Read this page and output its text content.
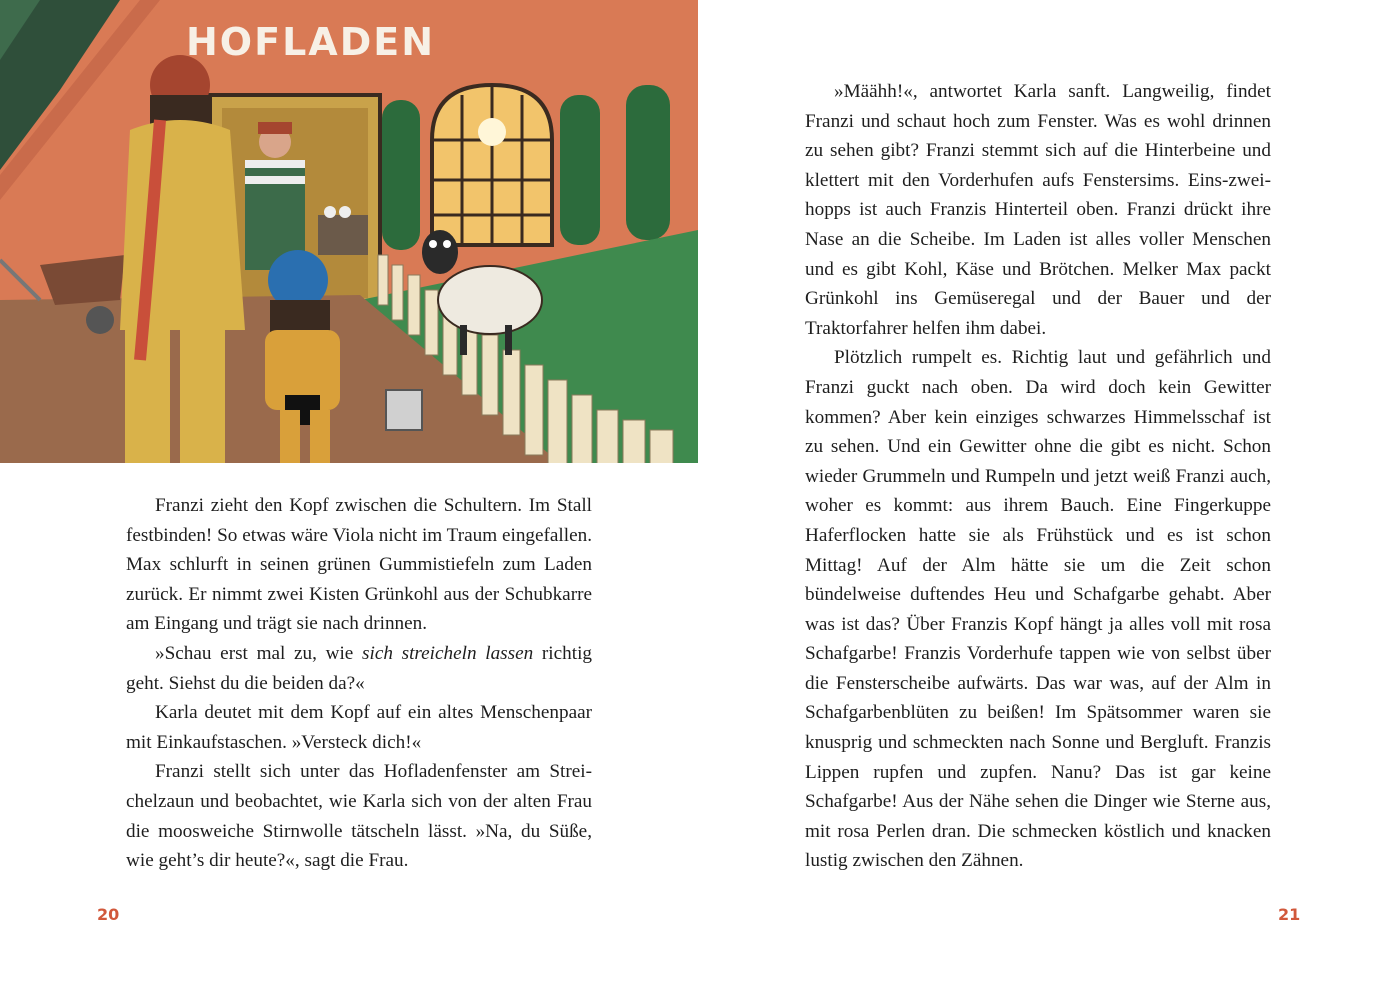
HOFLADEN

Franzi zieht den Kopf zwischen die Schultern. Im Stall festbinden! So etwas wäre Viola nicht im Traum eingefallen. Max schlurft in seinen grünen Gummistiefeln zum Laden zurück. Er nimmt zwei Kisten Grünkohl aus der Schubkarre am Eingang und trägt sie nach drinnen.

»Schau erst mal zu, wie sich streicheln lassen richtig geht. Siehst du die beiden da?«

Karla deutet mit dem Kopf auf ein altes Menschenpaar mit Einkaufstaschen. »Versteck dich!«

Franzi stellt sich unter das Hofladenfenster am Streichelzaun und beobachtet, wie Karla sich von der alten Frau die moosweiche Stirnwolle tätscheln lässt. »Na, du Süße, wie geht’s dir heute?«, sagt die Frau.

20

»Määhh!«, antwortet Karla sanft. Langweilig, findet Franzi und schaut hoch zum Fenster. Was es wohl drinnen zu sehen gibt? Franzi stemmt sich auf die Hinterbeine und klettert mit den Vorderhufen aufs Fenstersims. Eins-zwei-hopps ist auch Franzis Hinterteil oben. Franzi drückt ihre Nase an die Scheibe. Im Laden ist alles voller Menschen und es gibt Kohl, Käse und Brötchen. Melker Max packt Grünkohl ins Gemüseregal und der Bauer und der Traktorfahrer helfen ihm dabei.

Plötzlich rumpelt es. Richtig laut und gefährlich und Franzi guckt nach oben. Da wird doch kein Gewitter kommen? Aber kein einziges schwarzes Himmelsschaf ist zu sehen. Und ein Gewitter ohne die gibt es nicht. Schon wieder Grummeln und Rumpeln und jetzt weiß Franzi auch, woher es kommt: aus ihrem Bauch. Eine Fingerkuppe Haferflocken hatte sie als Frühstück und es ist schon Mittag! Auf der Alm hätte sie um die Zeit schon bündelweise duftendes Heu und Schafgarbe gehabt. Aber was ist das? Über Franzis Kopf hängt ja alles voll mit rosa Schafgarbe! Franzis Vorderhufe tappen wie von selbst über die Fensterscheibe aufwärts. Das war was, auf der Alm in Schafgarbenblüten zu beißen! Im Spätsommer waren sie knusprig und schmeckten nach Sonne und Bergluft. Franzis Lippen rupfen und zupfen. Nanu? Das ist gar keine Schafgarbe! Aus der Nähe sehen die Dinger wie Sterne aus, mit rosa Perlen dran. Die schmecken köstlich und knacken lustig zwischen den Zähnen.

21
